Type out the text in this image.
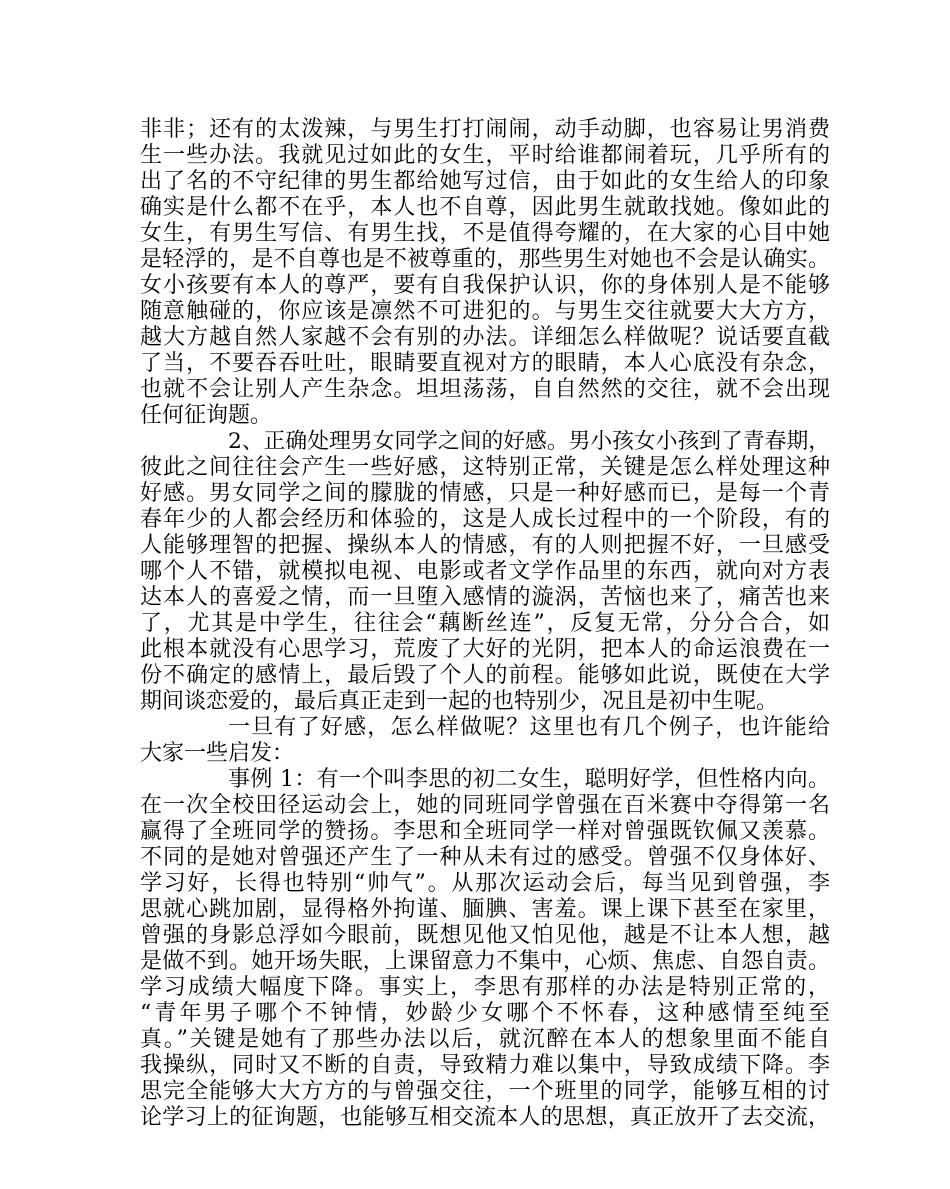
非非；还有的太泼辣，与男生打打闹闹，动手动脚，也容易让男消费
生一些办法。我就见过如此的女生，平时给谁都闹着玩，几乎所有的
出了名的不守纪律的男生都给她写过信，由于如此的女生给人的印象
确实是什么都不在乎，本人也不自尊，因此男生就敢找她。像如此的
女生，有男生写信、有男生找，不是值得夸耀的，在大家的心目中她
是轻浮的，是不自尊也是不被尊重的，那些男生对她也不会是认确实。
女小孩要有本人的尊严，要有自我保护认识，你的身体别人是不能够
随意触碰的，你应该是凛然不可进犯的。与男生交往就要大大方方，
越大方越自然人家越不会有别的办法。详细怎么样做呢？说话要直截
了当，不要吞吞吐吐，眼睛要直视对方的眼睛，本人心底没有杂念，
也就不会让别人产生杂念。坦坦荡荡，自自然然的交往，就不会出现
任何征询题。
2、正确处理男女同学之间的好感。男小孩女小孩到了青春期，
彼此之间往往会产生一些好感，这特别正常，关键是怎么样处理这种
好感。男女同学之间的朦胧的情感，只是一种好感而已，是每一个青
春年少的人都会经历和体验的，这是人成长过程中的一个阶段，有的
人能够理智的把握、操纵本人的情感，有的人则把握不好，一旦感受
哪个人不错，就模拟电视、电影或者文学作品里的东西，就向对方表
达本人的喜爱之情，而一旦堕入感情的漩涡，苦恼也来了，痛苦也来
了，尤其是中学生，往往会“藕断丝连”，反复无常，分分合合，如
此根本就没有心思学习，荒废了大好的光阴，把本人的命运浪费在一
份不确定的感情上，最后毁了个人的前程。能够如此说，既使在大学
期间谈恋爱的，最后真正走到一起的也特别少，况且是初中生呢。
一旦有了好感，怎么样做呢？这里也有几个例子，也许能给
大家一些启发：
事例 1：有一个叫李思的初二女生，聪明好学，但性格内向。
在一次全校田径运动会上，她的同班同学曾强在百米赛中夺得第一名
赢得了全班同学的赞扬。李思和全班同学一样对曾强既钦佩又羡慕。
不同的是她对曾强还产生了一种从未有过的感受。曾强不仅身体好、
学习好，长得也特别“帅气”。从那次运动会后，每当见到曾强，李
思就心跳加剧，显得格外拘谨、腼腆、害羞。课上课下甚至在家里，
曾强的身影总浮如今眼前，既想见他又怕见他，越是不让本人想，越
是做不到。她开场失眠，上课留意力不集中，心烦、焦虑、自怨自责。
学习成绩大幅度下降。事实上，李思有那样的办法是特别正常的，
“青年男子哪个不钟情，妙龄少女哪个不怀春，这种感情至纯至
真。”关键是她有了那些办法以后，就沉醉在本人的想象里面不能自
我操纵，同时又不断的自责，导致精力难以集中，导致成绩下降。李
思完全能够大大方方的与曾强交往，一个班里的同学，能够互相的讨
论学习上的征询题，也能够互相交流本人的思想，真正放开了去交流，
